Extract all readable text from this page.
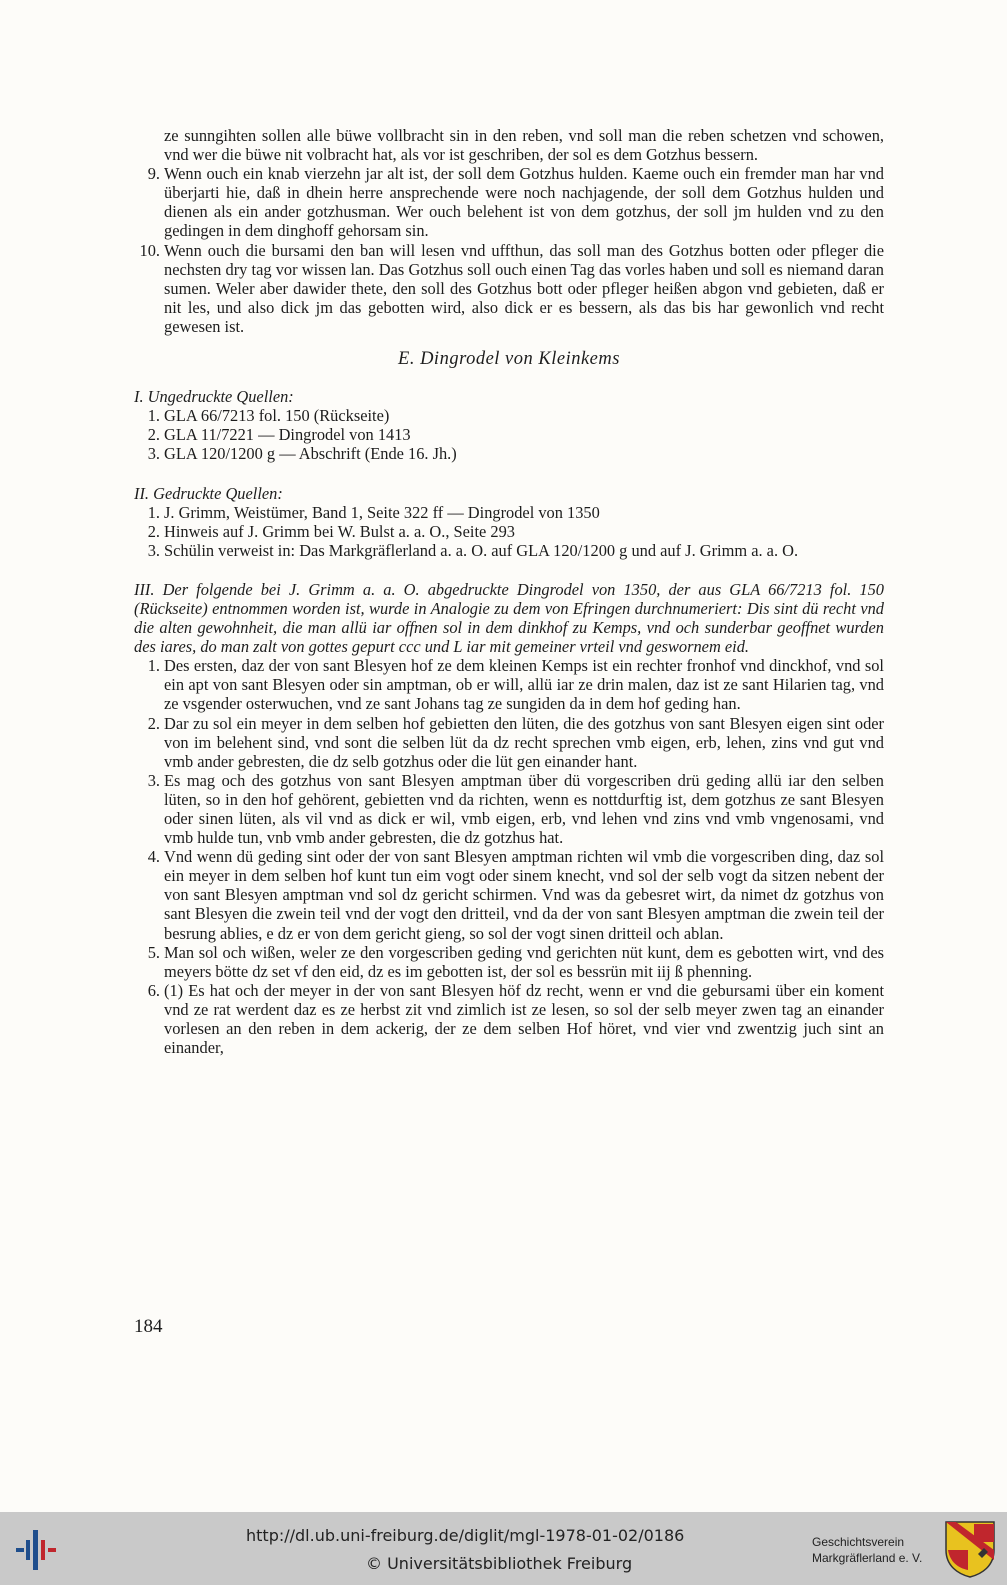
ze sunngihten sollen alle büwe vollbracht sin in den reben, vnd soll man die reben schetzen vnd schowen, vnd wer die büwe nit volbracht hat, als vor ist geschriben, der sol es dem Gotzhus bessern.

9. Wenn ouch ein knab vierzehn jar alt ist, der soll dem Gotzhus hulden. Kaeme ouch ein fremder man har vnd überjarti hie, daß in dhein herre ansprechende were noch nachjagende, der soll dem Gotzhus hulden und dienen als ein ander gotzhusman. Wer ouch belehent ist von dem gotzhus, der soll jm hulden vnd zu den gedingen in dem dinghoff gehorsam sin.

10. Wenn ouch die bursami den ban will lesen vnd uffthun, das soll man des Gotzhus botten oder pfleger die nechsten dry tag vor wissen lan. Das Gotzhus soll ouch einen Tag das vorles haben und soll es niemand daran sumen. Weler aber dawider thete, den soll des Gotzhus bott oder pfleger heißen abgon vnd gebieten, daß er nit les, und also dick jm das gebotten wird, also dick er es bessern, als das bis har gewonlich vnd recht gewesen ist.

E. Dingrodel von Kleinkems

I. Ungedruckte Quellen:

1. GLA 66/7213 fol. 150 (Rückseite)

2. GLA 11/7221 — Dingrodel von 1413

3. GLA 120/1200 g — Abschrift (Ende 16. Jh.)

II. Gedruckte Quellen:

1. J. Grimm, Weistümer, Band 1, Seite 322 ff — Dingrodel von 1350

2. Hinweis auf J. Grimm bei W. Bulst a. a. O., Seite 293

3. Schülin verweist in: Das Markgräflerland a. a. O. auf GLA 120/1200 g und auf J. Grimm a. a. O.

III. Der folgende bei J. Grimm a. a. O. abgedruckte Dingrodel von 1350, der aus GLA 66/7213 fol. 150 (Rückseite) entnommen worden ist, wurde in Analogie zu dem von Efringen durchnumeriert: Dis sint dü recht vnd die alten gewohnheit, die man allü iar offnen sol in dem dinkhof zu Kemps, vnd och sunderbar geoffnet wurden des iares, do man zalt von gottes gepurt ccc und L iar mit gemeiner vrteil vnd geswornem eid.

1. Des ersten, daz der von sant Blesyen hof ze dem kleinen Kemps ist ein rechter fronhof vnd dinckhof, vnd sol ein apt von sant Blesyen oder sin amptman, ob er will, allü iar ze drin malen, daz ist ze sant Hilarien tag, vnd ze vsgender osterwuchen, vnd ze sant Johans tag ze sungiden da in dem hof geding han.

2. Dar zu sol ein meyer in dem selben hof gebietten den lüten, die des gotzhus von sant Blesyen eigen sint oder von im belehent sind, vnd sont die selben lüt da dz recht sprechen vmb eigen, erb, lehen, zins vnd gut vnd vmb ander gebresten, die dz selb gotzhus oder die lüt gen einander hant.

3. Es mag och des gotzhus von sant Blesyen amptman über dü vorgescriben drü geding allü iar den selben lüten, so in den hof gehörent, gebietten vnd da richten, wenn es nottdurftig ist, dem gotzhus ze sant Blesyen oder sinen lüten, als vil vnd as dick er wil, vmb eigen, erb, vnd lehen vnd zins vnd vmb vngenosami, vnd vmb hulde tun, vnb vmb ander gebresten, die dz gotzhus hat.

4. Vnd wenn dü geding sint oder der von sant Blesyen amptman richten wil vmb die vorgescriben ding, daz sol ein meyer in dem selben hof kunt tun eim vogt oder sinem knecht, vnd sol der selb vogt da sitzen nebent der von sant Blesyen amptman vnd sol dz gericht schirmen. Vnd was da gebesret wirt, da nimet dz gotzhus von sant Blesyen die zwein teil vnd der vogt den dritteil, vnd da der von sant Blesyen amptman die zwein teil der besrung ablies, e dz er von dem gericht gieng, so sol der vogt sinen dritteil och ablan.

5. Man sol och wißen, weler ze den vorgescriben geding vnd gerichten nüt kunt, dem es gebotten wirt, vnd des meyers bötte dz set vf den eid, dz es im gebotten ist, der sol es bessrün mit iij ß phenning.

6. (1) Es hat och der meyer in der von sant Blesyen höf dz recht, wenn er vnd die gebursami über ein koment vnd ze rat werdent daz es ze herbst zit vnd zimlich ist ze lesen, so sol der selb meyer zwen tag an einander vorlesen an den reben in dem ackerig, der ze dem selben Hof höret, vnd vier vnd zwentzig juch sint an einander,

184
http://dl.ub.uni-freiburg.de/diglit/mgl-1978-01-02/0186
© Universitätsbibliothek Freiburg
Geschichtsverein
Markgräflerland e. V.
